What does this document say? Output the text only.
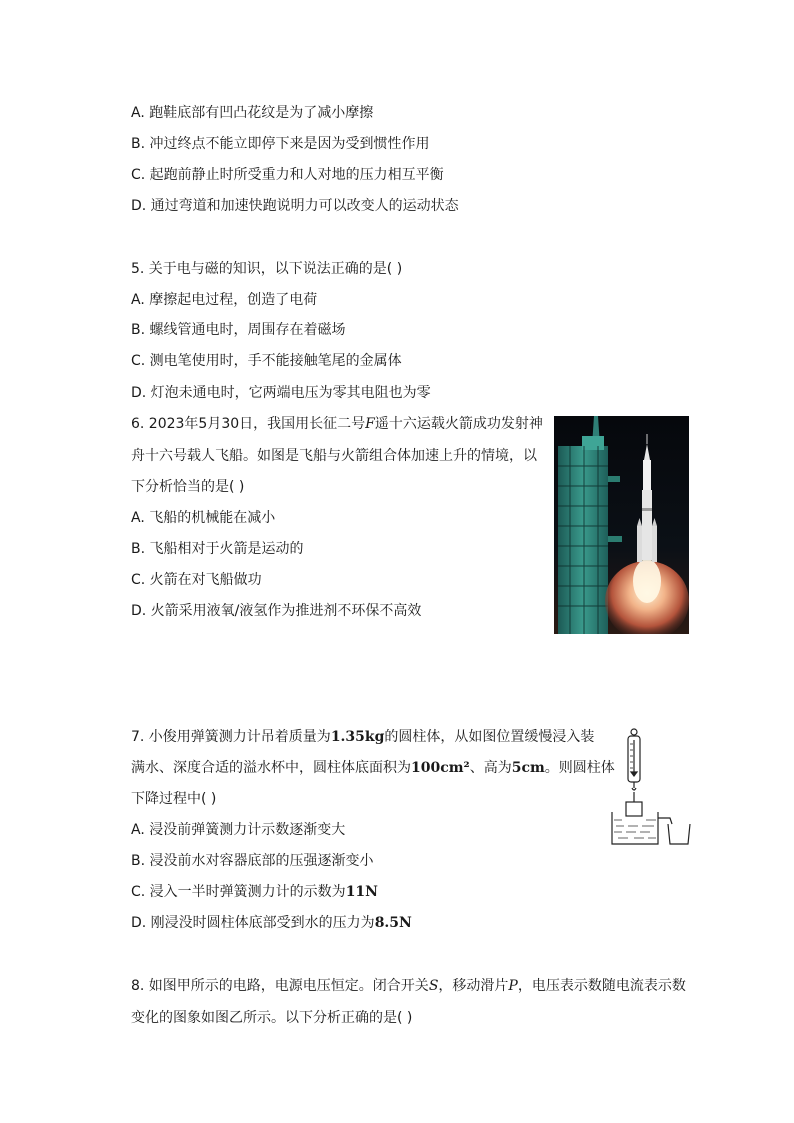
A. 跑鞋底部有凹凸花纹是为了减小摩擦
B. 冲过终点不能立即停下来是因为受到惯性作用
C. 起跑前静止时所受重力和人对地的压力相互平衡
D. 通过弯道和加速快跑说明力可以改变人的运动状态
5. 关于电与磁的知识，以下说法正确的是( )
A. 摩擦起电过程，创造了电荷
B. 螺线管通电时，周围存在着磁场
C. 测电笔使用时，手不能接触笔尾的金属体
D. 灯泡未通电时，它两端电压为零其电阻也为零
6. 2023年5月30日，我国用长征二号F遥十六运载火箭成功发射神
舟十六号载人飞船。如图是飞船与火箭组合体加速上升的情境，以
下分析恰当的是( )
A. 飞船的机械能在减小
B. 飞船相对于火箭是运动的
C. 火箭在对飞船做功
D. 火箭采用液氧/液氢作为推进剂不环保不高效
7. 小俊用弹簧测力计吊着质量为1.35kg的圆柱体，从如图位置缓慢浸入装
满水、深度合适的溢水杯中，圆柱体底面积为100cm²、高为5cm。则圆柱体
下降过程中( )
A. 浸没前弹簧测力计示数逐渐变大
B. 浸没前水对容器底部的压强逐渐变小
C. 浸入一半时弹簧测力计的示数为11N
D. 刚浸没时圆柱体底部受到水的压力为8.5N
8. 如图甲所示的电路，电源电压恒定。闭合开关S，移动滑片P，电压表示数随电流表示数
变化的图象如图乙所示。以下分析正确的是( )
